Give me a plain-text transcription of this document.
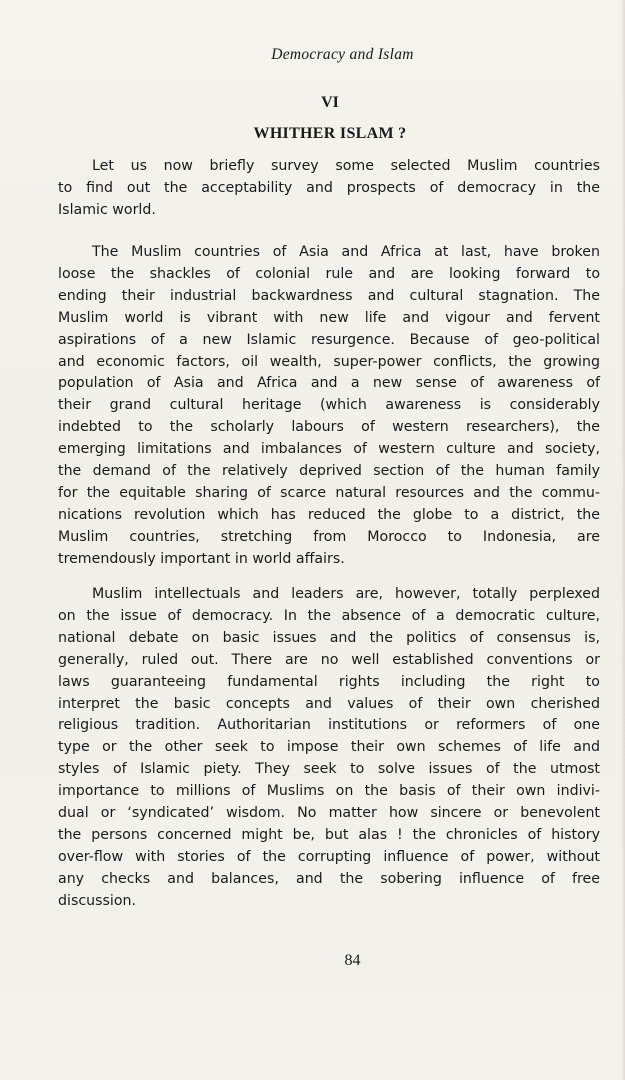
Democracy and Islam
VI
WHITHER ISLAM ?

Let us now briefly survey some selected Muslim countries
to find out the acceptability and prospects of democracy in the
Islamic world.

The Muslim countries of Asia and Africa at last, have broken
loose the shackles of colonial rule and are looking forward to
ending their industrial backwardness and cultural stagnation. The
Muslim world is vibrant with new life and vigour and fervent
aspirations of a new Islamic resurgence. Because of geo-political
and economic factors, oil wealth, super-power conflicts, the growing
population of Asia and Africa and a new sense of awareness of
their grand cultural heritage (which awareness is considerably
indebted to the scholarly labours of western researchers), the
emerging limitations and imbalances of western culture and society,
the demand of the relatively deprived section of the human family
for the equitable sharing of scarce natural resources and the commu-
nications revolution which has reduced the globe to a district, the
Muslim countries, stretching from Morocco to Indonesia, are
tremendously important in world affairs.

Muslim intellectuals and leaders are, however, totally perplexed
on the issue of democracy. In the absence of a democratic culture,
national debate on basic issues and the politics of consensus is,
generally, ruled out. There are no well established conventions or
laws guaranteeing fundamental rights including the right to
interpret the basic concepts and values of their own cherished
religious tradition. Authoritarian institutions or reformers of one
type or the other seek to impose their own schemes of life and
styles of Islamic piety. They seek to solve issues of the utmost
importance to millions of Muslims on the basis of their own indivi-
dual or ‘syndicated’ wisdom. No matter how sincere or benevolent
the persons concerned might be, but alas ! the chronicles of history
over-flow with stories of the corrupting influence of power, without
any checks and balances, and the sobering influence of free
discussion.

84
